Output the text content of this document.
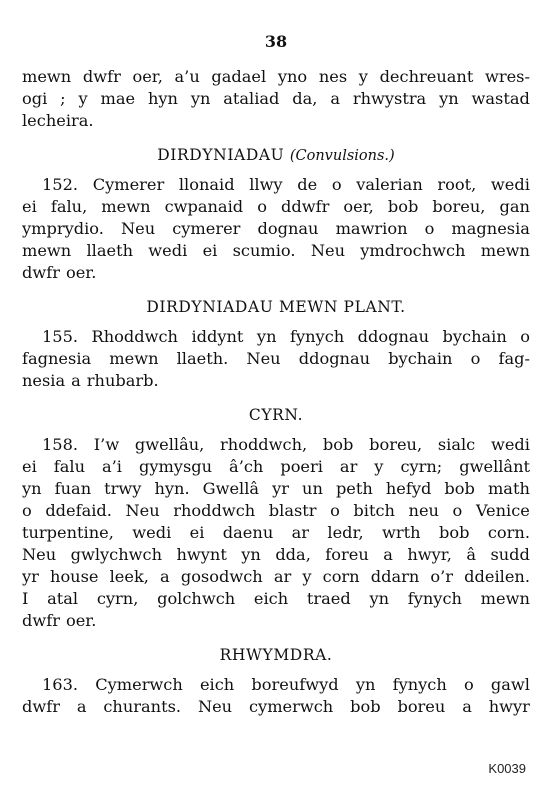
38
mewn dwfr oer, a’u gadael yno nes y dechreuant wres-
ogi ; y mae hyn yn ataliad da, a rhwystra yn wastad
lecheira.
DIRDYNIADAU (Convulsions.)
152. Cymerer llonaid llwy de o valerian root, wedi
ei falu, mewn cwpanaid o ddwfr oer, bob boreu, gan
ymprydio. Neu cymerer dognau mawrion o magnesia
mewn llaeth wedi ei scumio. Neu ymdrochwch mewn
dwfr oer.
DIRDYNIADAU MEWN PLANT.
155. Rhoddwch iddynt yn fynych ddognau bychain o
fagnesia mewn llaeth. Neu ddognau bychain o fag-
nesia a rhubarb.
CYRN.
158. I’w gwellâu, rhoddwch, bob boreu, sialc wedi
ei falu a’i gymysgu â’ch poeri ar y cyrn; gwellânt
yn fuan trwy hyn. Gwellâ yr un peth hefyd bob math
o ddefaid. Neu rhoddwch blastr o bitch neu o Venice
turpentine, wedi ei daenu ar ledr, wrth bob corn.
Neu gwlychwch hwynt yn dda, foreu a hwyr, â sudd
yr house leek, a gosodwch ar y corn ddarn o’r ddeilen.
I atal cyrn, golchwch eich traed yn fynych mewn
dwfr oer.
RHWYMDRA.
163. Cymerwch eich boreufwyd yn fynych o gawl
dwfr a churants. Neu cymerwch bob boreu a hwyr
K0039
